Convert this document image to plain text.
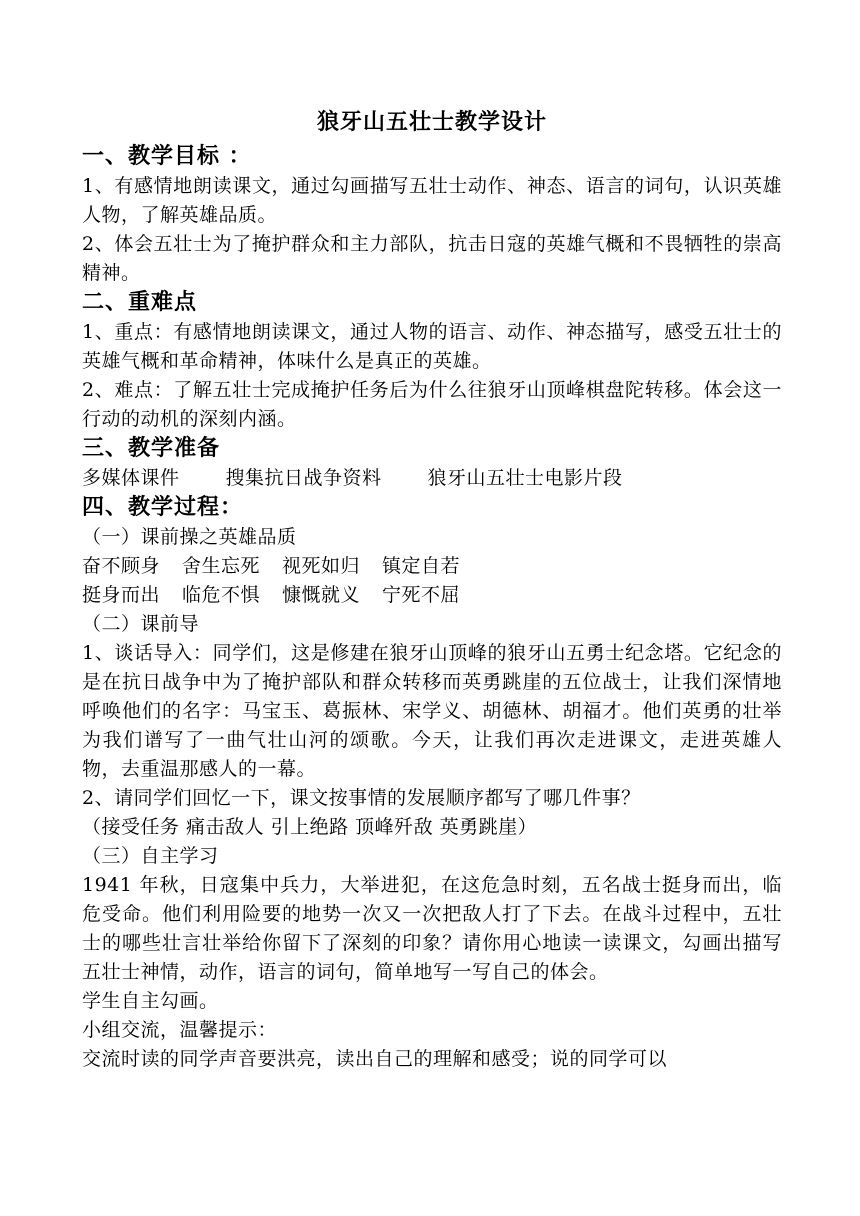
狼牙山五壮士教学设计
一、教学目标 ：

1、有感情地朗读课文，通过勾画描写五壮士动作、神态、语言的词句，认识英雄人物，了解英雄品质。

2、体会五壮士为了掩护群众和主力部队，抗击日寇的英雄气概和不畏牺牲的崇高精神。

二、重难点

1、重点：有感情地朗读课文，通过人物的语言、动作、神态描写，感受五壮士的英雄气概和革命精神，体味什么是真正的英雄。

2、难点：了解五壮士完成掩护任务后为什么往狼牙山顶峰棋盘陀转移。体会这一行动的动机的深刻内涵。

三、教学准备
多媒体课件 搜集抗日战争资料 狼牙山五壮士电影片段
四、教学过程：

（一）课前操之英雄品质

奋不顾身 舍生忘死 视死如归 镇定自若
挺身而出 临危不惧 慷慨就义 宁死不屈

（二）课前导

1、谈话导入：同学们，这是修建在狼牙山顶峰的狼牙山五勇士纪念塔。它纪念的是在抗日战争中为了掩护部队和群众转移而英勇跳崖的五位战士，让我们深情地呼唤他们的名字：马宝玉、葛振林、宋学义、胡德林、胡福才。他们英勇的壮举为我们谱写了一曲气壮山河的颂歌。今天，让我们再次走进课文，走进英雄人物，去重温那感人的一幕。

2、请同学们回忆一下，课文按事情的发展顺序都写了哪几件事？

（接受任务 痛击敌人 引上绝路 顶峰歼敌 英勇跳崖）

（三）自主学习

1941 年秋，日寇集中兵力，大举进犯，在这危急时刻，五名战士挺身而出，临危受命。他们利用险要的地势一次又一次把敌人打了下去。在战斗过程中，五壮士的哪些壮言壮举给你留下了深刻的印象？请你用心地读一读课文，勾画出描写五壮士神情，动作，语言的词句，简单地写一写自己的体会。

学生自主勾画。

小组交流，温馨提示：

交流时读的同学声音要洪亮，读出自己的理解和感受；说的同学可以
